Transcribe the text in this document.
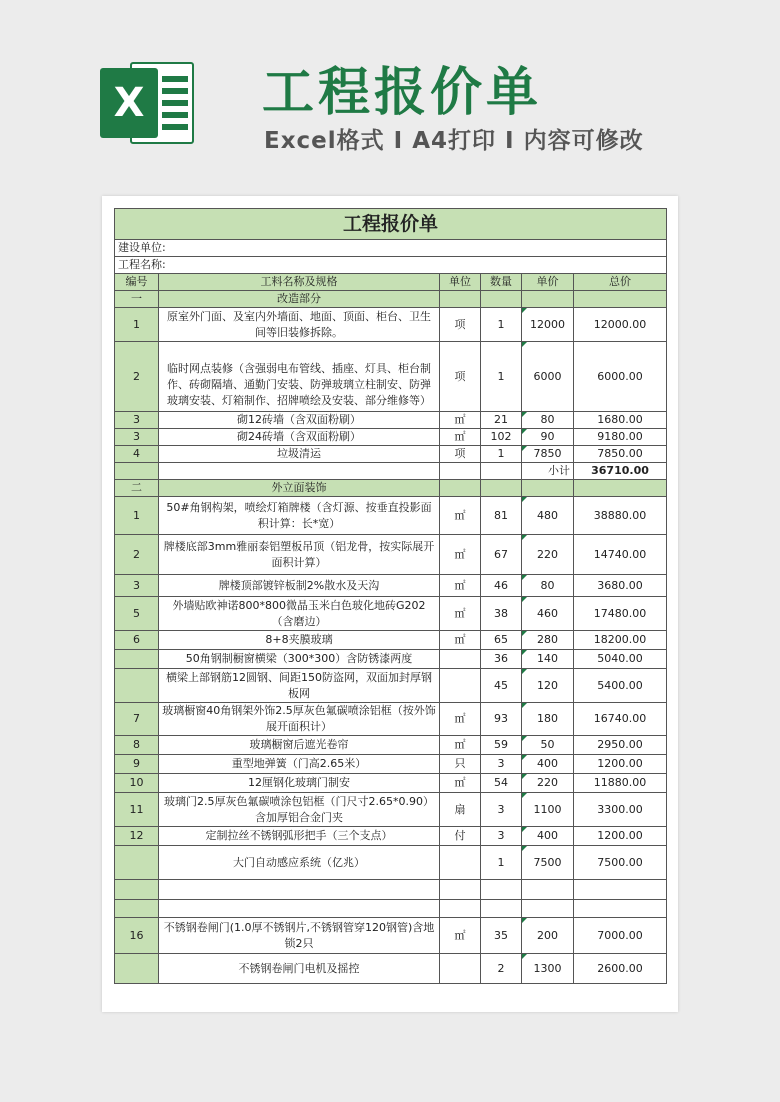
X 工程报价单
Excel格式 I A4打印 I 内容可修改
工程报价单					
建设单位:					
工程名称:					
编号	工料名称及规格	单位	数量	单价	总价
一	改造部分				
1	原室外门面、及室内外墙面、地面、顶面、柜台、卫生间等旧装修拆除。	项	1	12000	12000.00
2	临时网点装修（含强弱电布管线、插座、灯具、柜台制作、砖砌隔墙、通勤门安装、防弹玻璃立柱制安、防弹玻璃安装、灯箱制作、招牌喷绘及安装、部分维修等）	项	1	6000	6000.00
3	砌12砖墙（含双面粉刷）	㎡	21	80	1680.00
3	砌24砖墙（含双面粉刷）	㎡	102	90	9180.00
4	垃圾清运	项	1	7850	7850.00
				小计	36710.00
二	外立面装饰				
1	50#角钢构架，喷绘灯箱牌楼（含灯源、按垂直投影面积计算：长*宽）	㎡	81	480	38880.00
2	牌楼底部3mm雅丽泰铝塑板吊顶（铝龙骨，按实际展开面积计算）	㎡	67	220	14740.00
3	牌楼顶部镀锌板制2%散水及天沟	㎡	46	80	3680.00
5	外墙贴欧神诺800*800微晶玉米白色玻化地砖G202（含磨边）	㎡	38	460	17480.00
6	8+8夹膜玻璃	㎡	65	280	18200.00

	50角钢制橱窗横梁（300*300）含防锈漆两度		36	140	5040.00

	横梁上部钢筋12圆钢、间距150防盗网，双面加封厚钢板网		45	120	5400.00
7	玻璃橱窗40角钢架外饰2.5厚灰色氟碳喷涂铝框（按外饰展开面积计）	㎡	93	180	16740.00
8	玻璃橱窗后遮光卷帘	㎡	59	50	2950.00
9	重型地弹簧（门高2.65米）	只	3	400	1200.00
10	12厘钢化玻璃门制安	㎡	54	220	11880.00
11	玻璃门2.5厚灰色氟碳喷涂包铝框（门尺寸2.65*0.90）含加厚铝合金门夹	扇	3	1100	3300.00
12	定制拉丝不锈钢弧形把手（三个支点）	付	3	400	1200.00

	大门自动感应系统（亿兆）		1	7500	7500.00

16	不锈钢卷闸门(1.0厚不锈钢片,不锈钢管穿120钢管)含地锁2只	㎡	35	200	7000.00

	不锈钢卷闸门电机及摇控		2	1300	2600.00
